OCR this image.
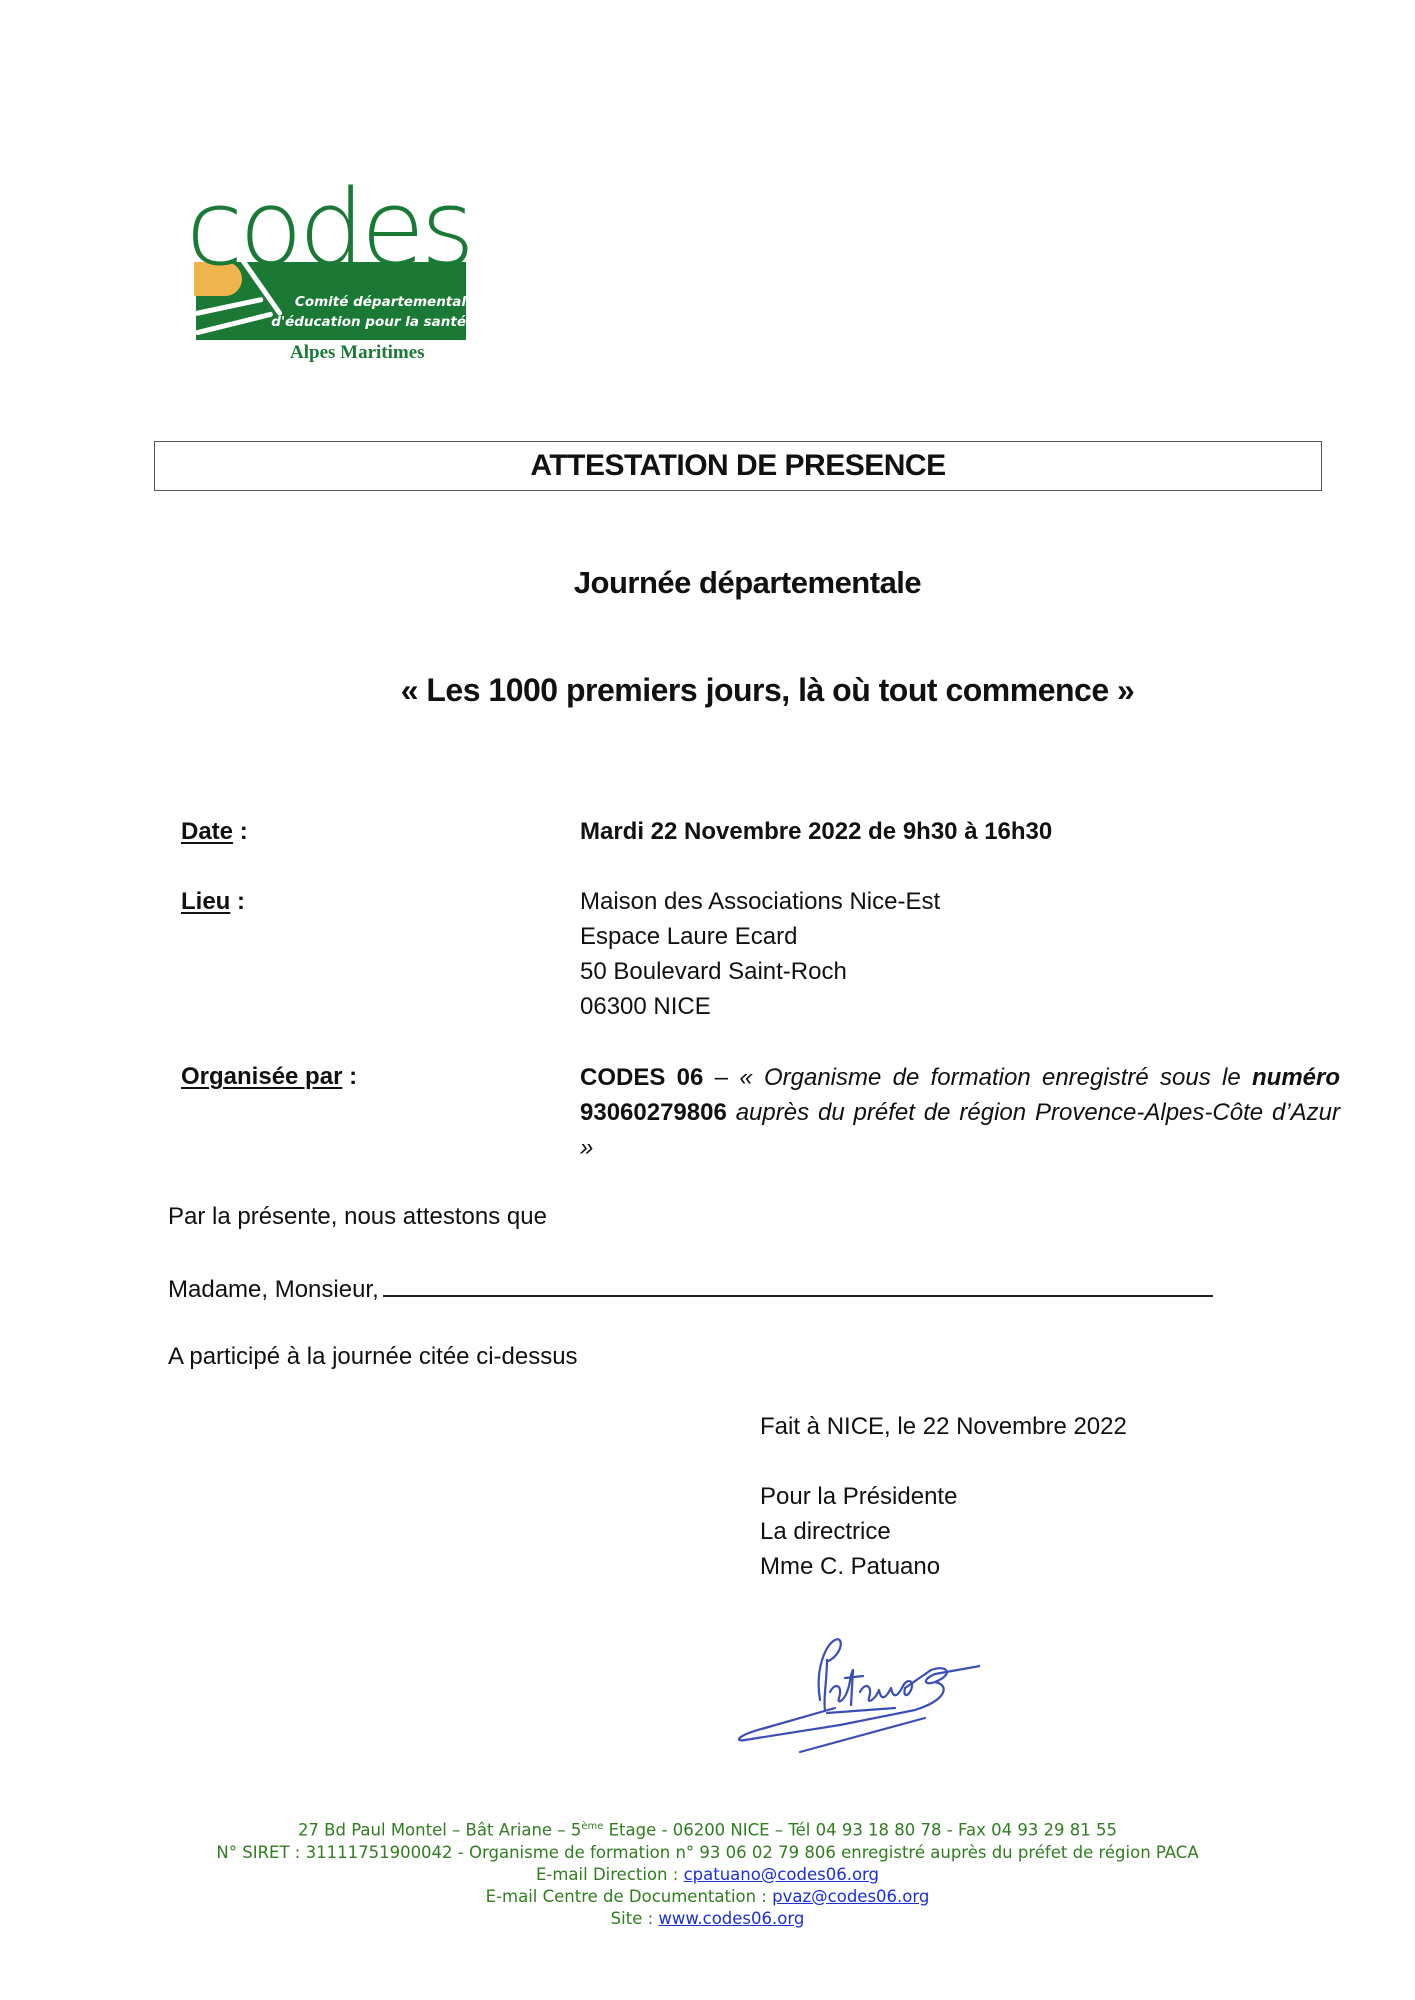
codes
Comité départemental
d'éducation pour la santé
Alpes Maritimes
ATTESTATION DE PRESENCE
Journée départementale
« Les 1000 premiers jours, là où tout commence »
Date :	Mardi 22 Novembre 2022 de 9h30 à 16h30
Lieu :	Maison des Associations Nice-Est
Espace Laure Ecard
50 Boulevard Saint-Roch
06300 NICE
Organisée par :	CODES 06 – « Organisme de formation enregistré sous le numéro 93060279806 auprès du préfet de région Provence-Alpes-Côte d’Azur »
Par la présente, nous attestons que
Madame, Monsieur,
A participé à la journée citée ci-dessus
Fait à NICE, le 22 Novembre 2022
Pour la Présidente
La directrice
Mme C. Patuano
27 Bd Paul Montel – Bât Ariane – 5ème Etage - 06200 NICE – Tél 04 93 18 80 78 - Fax 04 93 29 81 55
N° SIRET : 31111751900042 - Organisme de formation n° 93 06 02 79 806 enregistré auprès du préfet de région PACA
E-mail Direction : cpatuano@codes06.org
E-mail Centre de Documentation : pvaz@codes06.org
Site : www.codes06.org
